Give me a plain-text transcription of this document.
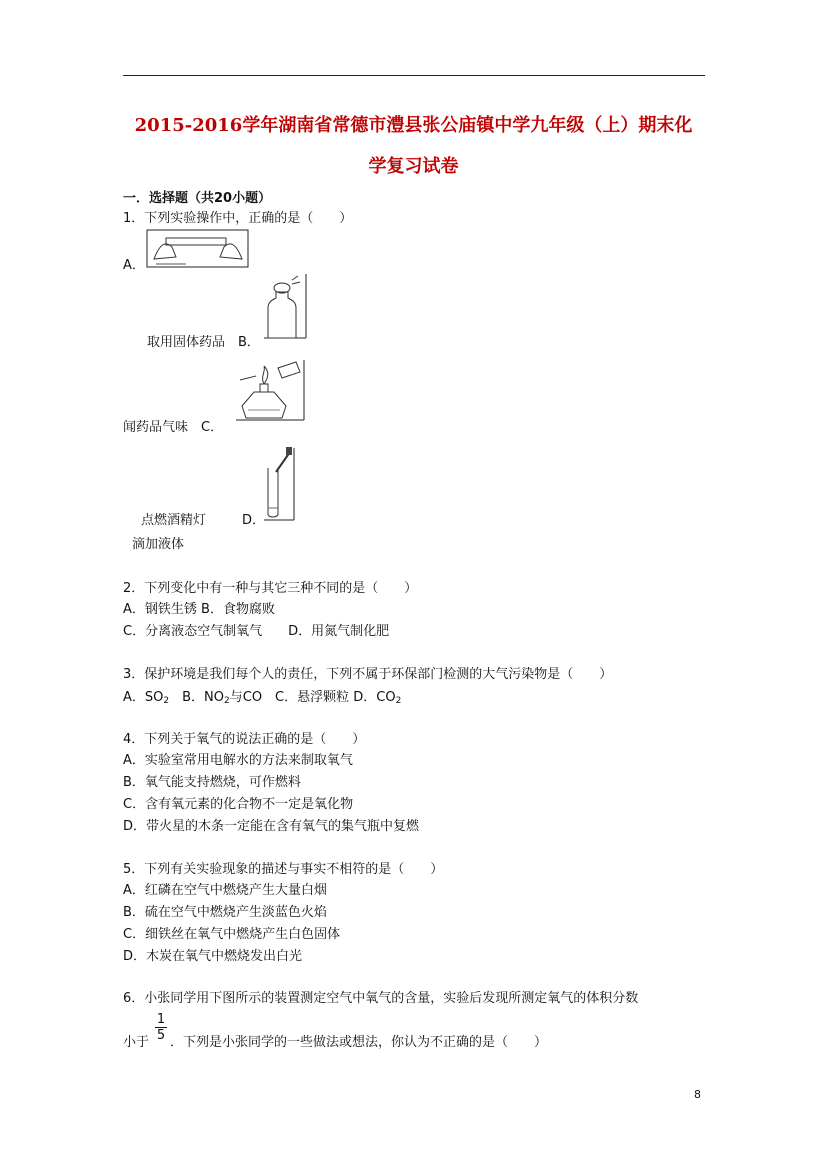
2015-2016学年湖南省常德市澧县张公庙镇中学九年级（上）期末化
学复习试卷
一．选择题（共20小题）
1．下列实验操作中，正确的是（　　）
A．
取用固体药品　B．
闻药品气味　C．
点燃酒精灯	D．
滴加液体
2．下列变化中有一种与其它三种不同的是（　　）
A．钢铁生锈 B．食物腐败
C．分离液态空气制氧气　　D．用氮气制化肥
3．保护环境是我们每个人的责任，下列不属于环保部门检测的大气污染物是（　　）
A．$SO_2$　B．$NO_2$与CO　C．悬浮颗粒 D．$CO_2$
4．下列关于氧气的说法正确的是（　　）
A．实验室常用电解水的方法来制取氧气
B．氧气能支持燃烧，可作燃料
C．含有氧元素的化合物不一定是氧化物
D．带火星的木条一定能在含有氧气的集气瓶中复燃
5．下列有关实验现象的描述与事实不相符的是（　　）
A．红磷在空气中燃烧产生大量白烟
B．硫在空气中燃烧产生淡蓝色火焰
C．细铁丝在氧气中燃烧产生白色固体
D．木炭在氧气中燃烧发出白光
6．小张同学用下图所示的装置测定空气中氧气的含量，实验后发现所测定氧气的体积分数
小于 $\frac{1}{5}$ ．下列是小张同学的一些做法或想法，你认为不正确的是（　　）
8
